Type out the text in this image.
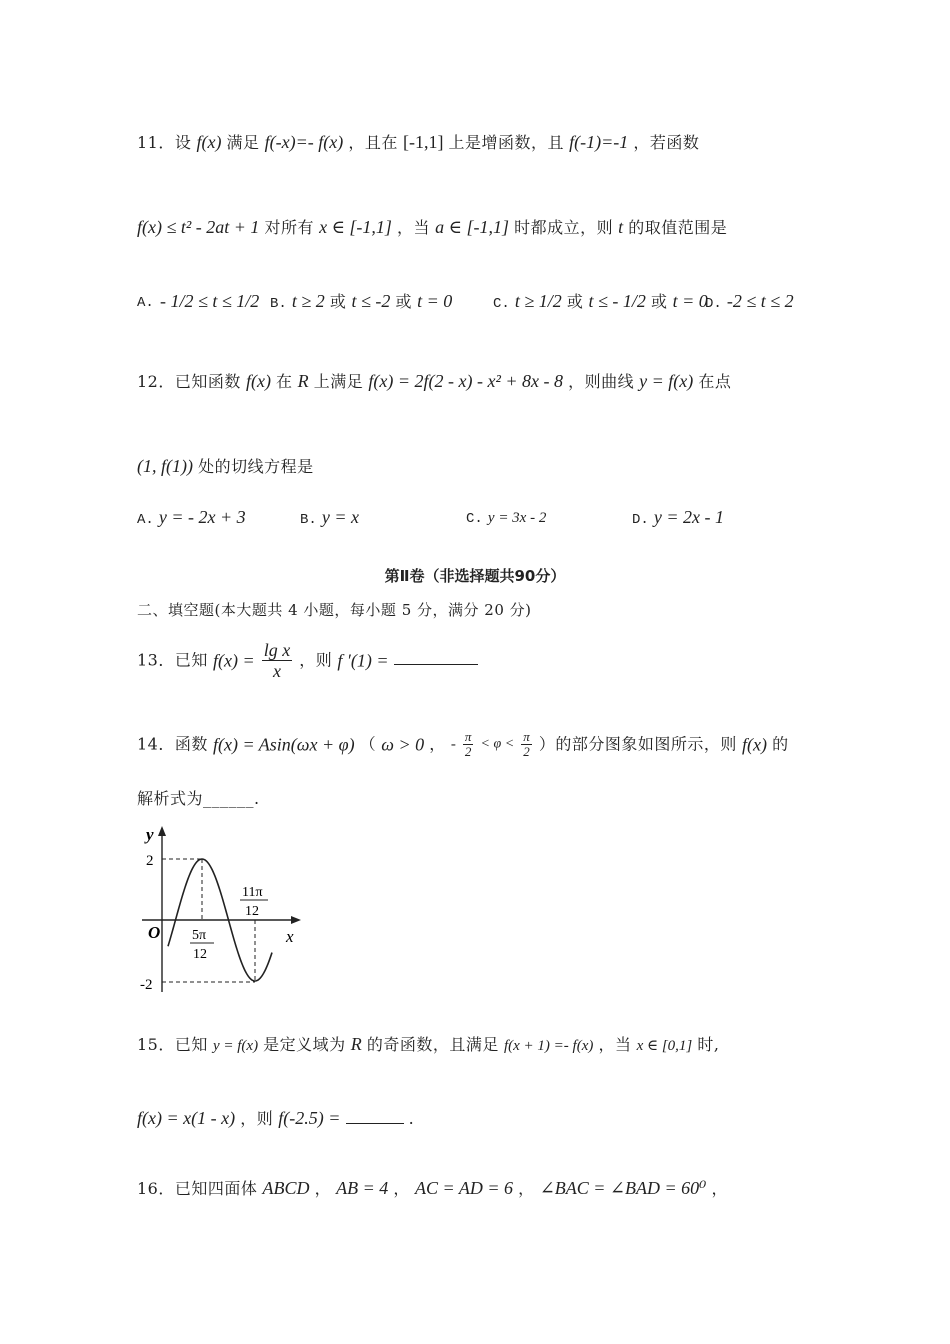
11．设 f(x) 满足 f(-x)=- f(x) ，且在 [-1,1] 上是增函数，且 f(-1)=-1 ，若函数
f(x) ≤ t² - 2at + 1 对所有 x ∈ [-1,1] ，当 a ∈ [-1,1] 时都成立，则 t 的取值范围是
A. - 1/2 ≤ t ≤ 1/2 B. t ≥ 2 或 t ≤ -2 或 t = 0	C. t ≥ 1/2 或 t ≤ - 1/2 或 t = 0
D. -2 ≤ t ≤ 2
12．已知函数 f(x) 在 R 上满足 f(x) = 2f(2 - x) - x² + 8x - 8 ，则曲线 y = f(x) 在点
(1, f(1)) 处的切线方程是
A. y = - 2x + 3	B. y = x	C. y = 3x - 2	D. y = 2x - 1
第Ⅱ卷（非选择题共90分）
二、填空题(本大题共 4 小题，每小题 5 分，满分 20 分)
13．已知 $f(x) = \frac{\text{lg x}}{x}$ ，则 f ′(1) =
14．函数 f(x) = Asin(ωx + φ) （ ω > 0 ， - $\frac{\pi}{2} < \varphi < \frac{\pi}{2}$ ）的部分图象如图所示，则 f(x) 的
解析式为______.
y
x
O
2
-2
5π
12
11π
12
15．已知 y = f(x) 是定义域为 R 的奇函数，且满足 f(x + 1) =- f(x) ，当 x ∈ [0,1] 时,
f(x) = x(1 - x) ，则 f(-2.5) =	.
16．已知四面体 ABCD ， AB = 4 ， AC = AD = 6 ， ∠BAC = ∠BAD = 60⁰ ，
